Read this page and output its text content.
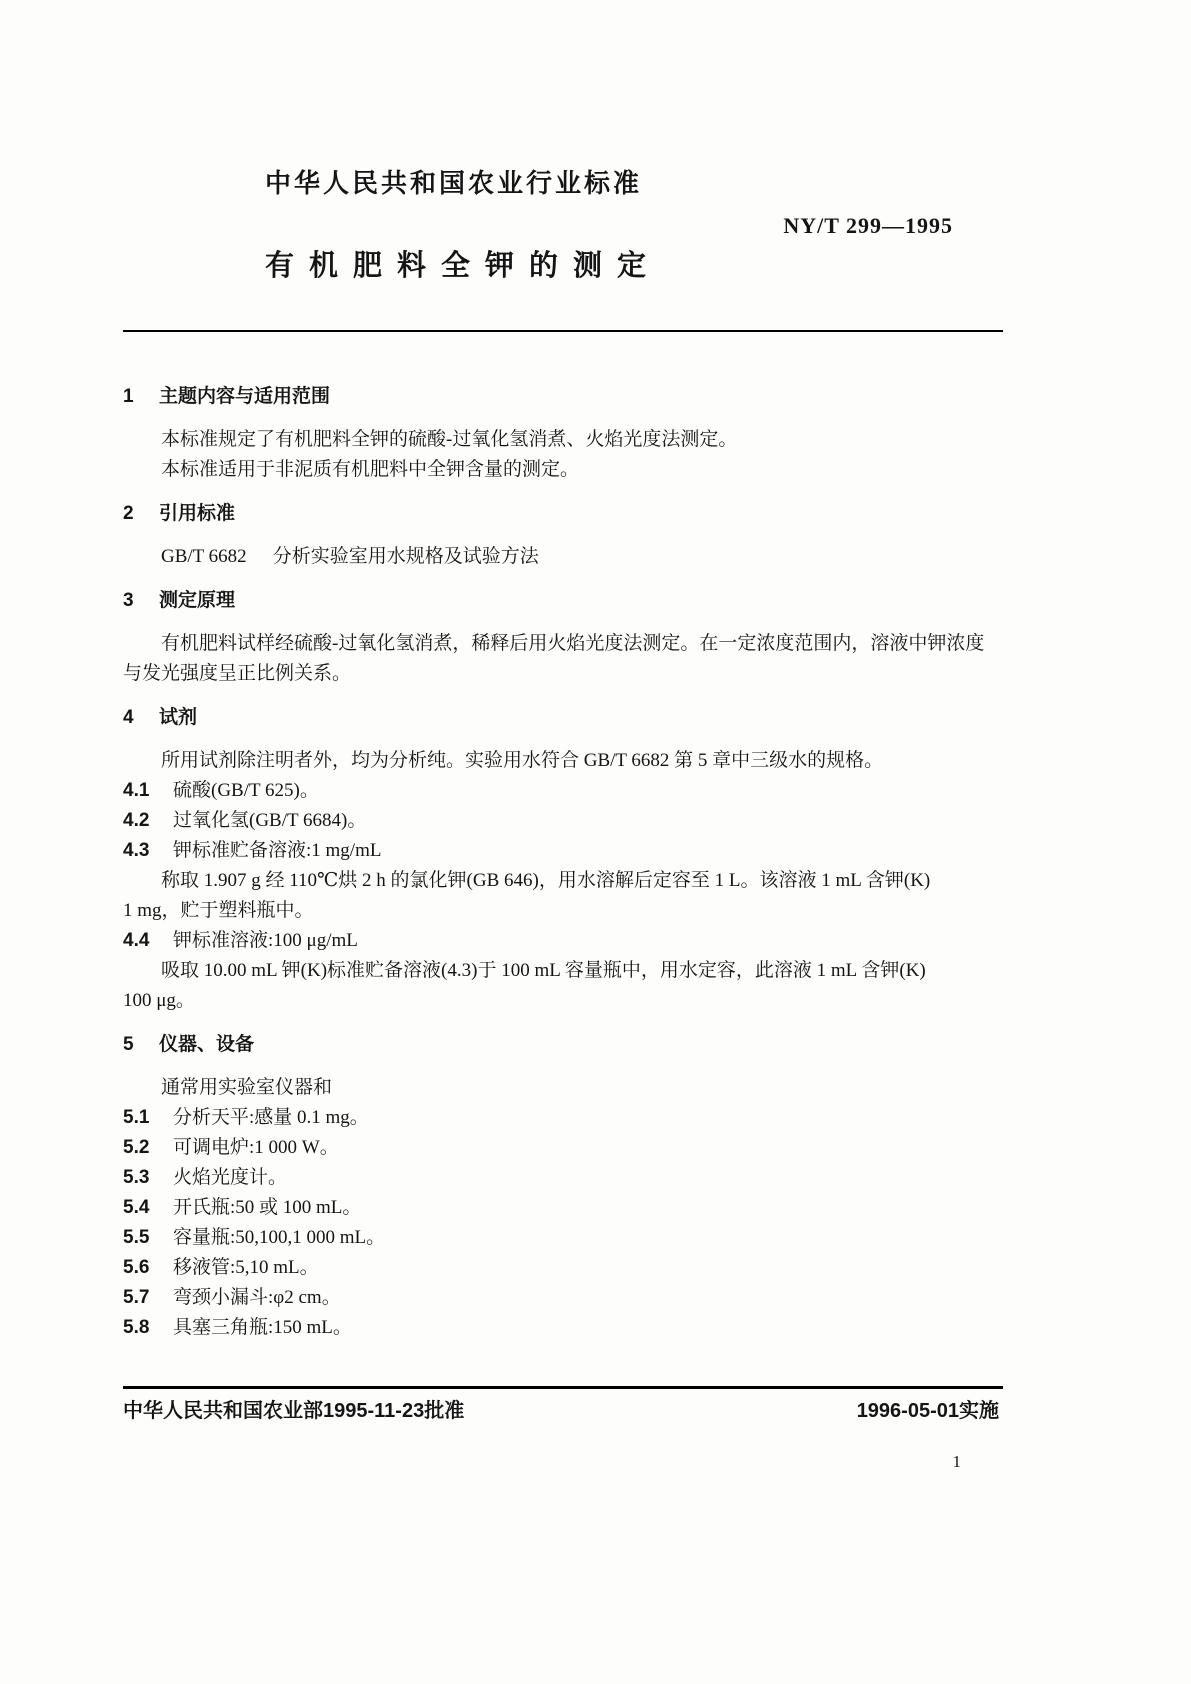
中华人民共和国农业行业标准
NY/T 299—1995
有机肥料全钾的测定
1 主题内容与适用范围

本标准规定了有机肥料全钾的硫酸-过氧化氢消煮、火焰光度法测定。

本标准适用于非泥质有机肥料中全钾含量的测定。

2 引用标准

GB/T 6682 分析实验室用水规格及试验方法

3 测定原理

有机肥料试样经硫酸-过氧化氢消煮，稀释后用火焰光度法测定。在一定浓度范围内，溶液中钾浓度

与发光强度呈正比例关系。

4 试剂

所用试剂除注明者外，均为分析纯。实验用水符合 GB/T 6682 第 5 章中三级水的规格。

4.1 硫酸(GB/T 625)。

4.2 过氧化氢(GB/T 6684)。

4.3 钾标准贮备溶液:1 mg/mL

称取 1.907 g 经 110℃烘 2 h 的氯化钾(GB 646)，用水溶解后定容至 1 L。该溶液 1 mL 含钾(K)

1 mg，贮于塑料瓶中。

4.4 钾标准溶液:100 μg/mL

吸取 10.00 mL 钾(K)标准贮备溶液(4.3)于 100 mL 容量瓶中，用水定容，此溶液 1 mL 含钾(K)

100 μg。

5 仪器、设备

通常用实验室仪器和

5.1 分析天平:感量 0.1 mg。

5.2 可调电炉:1 000 W。

5.3 火焰光度计。

5.4 开氏瓶:50 或 100 mL。

5.5 容量瓶:50,100,1 000 mL。

5.6 移液管:5,10 mL。

5.7 弯颈小漏斗:φ2 cm。

5.8 具塞三角瓶:150 mL。

中华人民共和国农业部1995-11-23批准	1996-05-01实施
1
